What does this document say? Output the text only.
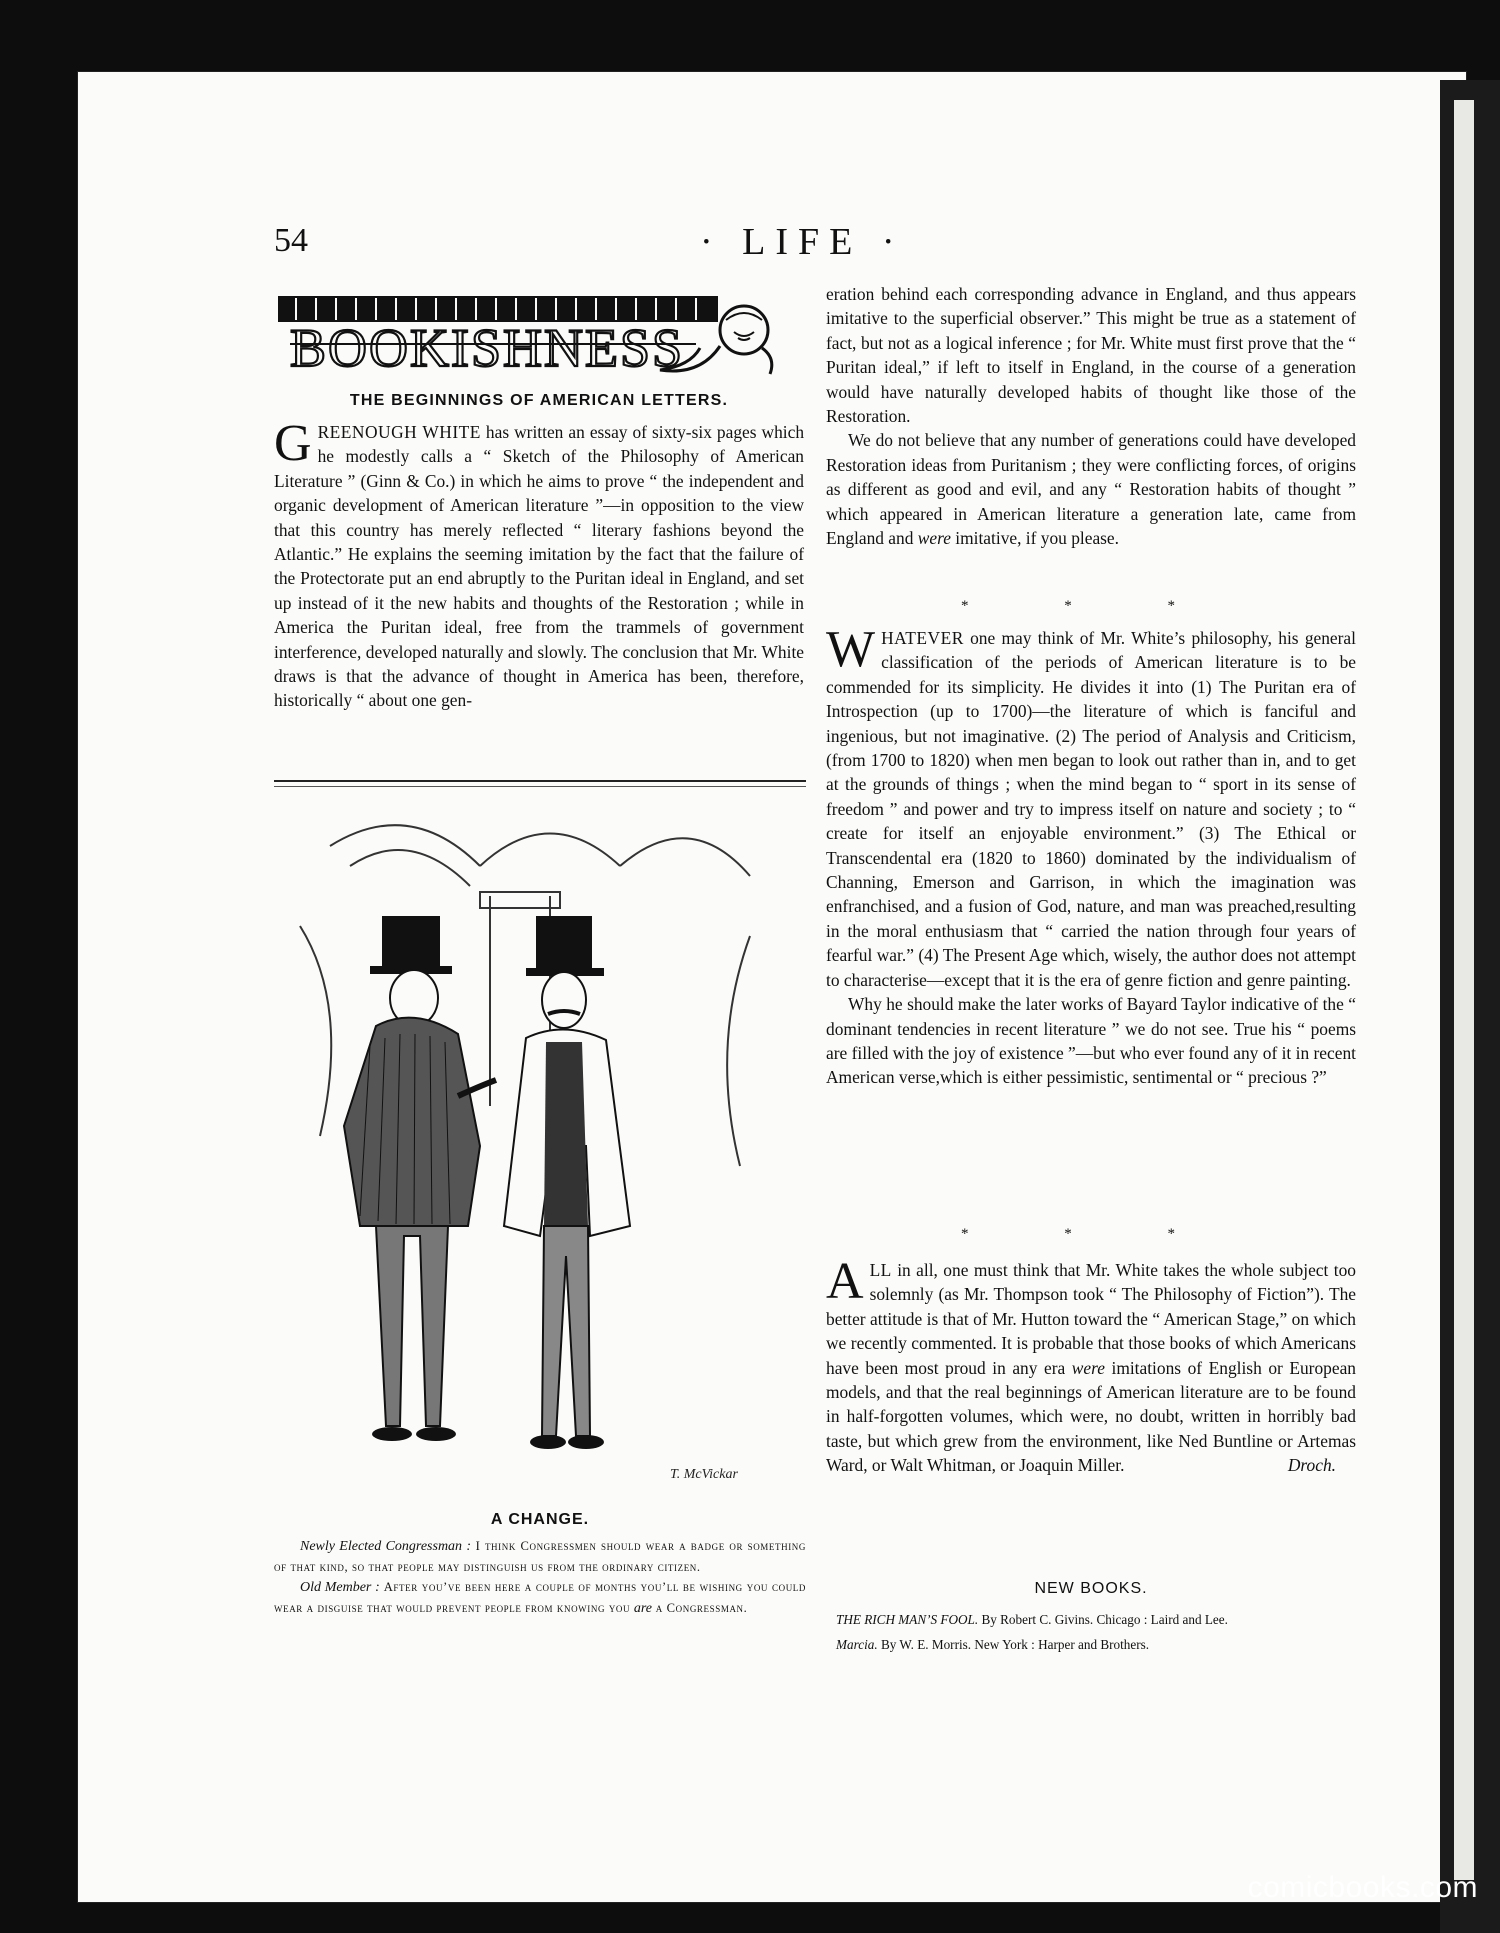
54	· LIFE ·
BOOKISHNESS
THE BEGINNINGS OF AMERICAN LETTERS.

GREENOUGH WHITE has written an essay of sixty-six pages which he modestly calls a “ Sketch of the Philosophy of American Literature ” (Ginn & Co.) in which he aims to prove “ the independent and organic development of American literature ”—in opposition to the view that this country has merely reflected “ literary fashions beyond the Atlantic.” He explains the seeming imitation by the fact that the failure of the Protectorate put an end abruptly to the Puritan ideal in England, and set up instead of it the new habits and thoughts of the Restoration ; while in America the Puritan ideal, free from the trammels of government interference, developed naturally and slowly. The conclusion that Mr. White draws is that the advance of thought in America has been, therefore, historically “ about one gen-

T. McVickar
A CHANGE.

Newly Elected Congressman : I think Congressmen should wear a badge or something of that kind, so that people may distinguish us from the ordinary citizen.

Old Member : After you’ve been here a couple of months you’ll be wishing you could wear a disguise that would prevent people from knowing you are a Congressman.

eration behind each corresponding advance in England, and thus appears imitative to the superficial observer.” This might be true as a statement of fact, but not as a logical inference ; for Mr. White must first prove that the “ Puritan ideal,” if left to itself in England, in the course of a generation would have naturally developed habits of thought like those of the Restoration.

We do not believe that any number of generations could have developed Restoration ideas from Puritanism ; they were conflicting forces, of origins as different as good and evil, and any “ Restoration habits of thought ” which appeared in American literature a generation late, came from England and were imitative, if you please.

* * *

WHATEVER one may think of Mr. White’s philosophy, his general classification of the periods of American literature is to be commended for its simplicity. He divides it into (1) The Puritan era of Introspection (up to 1700)—the literature of which is fanciful and ingenious, but not imaginative. (2) The period of Analysis and Criticism, (from 1700 to 1820) when men began to look out rather than in, and to get at the grounds of things ; when the mind began to “ sport in its sense of freedom ” and power and try to impress itself on nature and society ; to “ create for itself an enjoyable environment.” (3) The Ethical or Transcendental era (1820 to 1860) dominated by the individualism of Channing, Emerson and Garrison, in which the imagination was enfranchised, and a fusion of God, nature, and man was preached,resulting in the moral enthusiasm that “ carried the nation through four years of fearful war.” (4) The Present Age which, wisely, the author does not attempt to characterise—except that it is the era of genre fiction and genre painting.

Why he should make the later works of Bayard Taylor indicative of the “ dominant tendencies in recent literature ” we do not see. True his “ poems are filled with the joy of existence ”—but who ever found any of it in recent American verse,which is either pessimistic, sentimental or “ precious ?”

* * *

ALL in all, one must think that Mr. White takes the whole subject too solemnly (as Mr. Thompson took “ The Philosophy of Fiction”). The better attitude is that of Mr. Hutton toward the “ American Stage,” on which we recently commented. It is probable that those books of which Americans have been most proud in any era were imitations of English or European models, and that the real beginnings of American literature are to be found in half-forgotten volumes, which were, no doubt, written in horribly bad taste, but which grew from the environment, like Ned Buntline or Artemas Ward, or Walt Whitman, or Joaquin Miller.	Droch.

NEW BOOKS.

THE RICH MAN’S FOOL. By Robert C. Givins. Chicago : Laird and Lee.

Marcia. By W. E. Morris. New York : Harper and Brothers.

comicbooks.com
